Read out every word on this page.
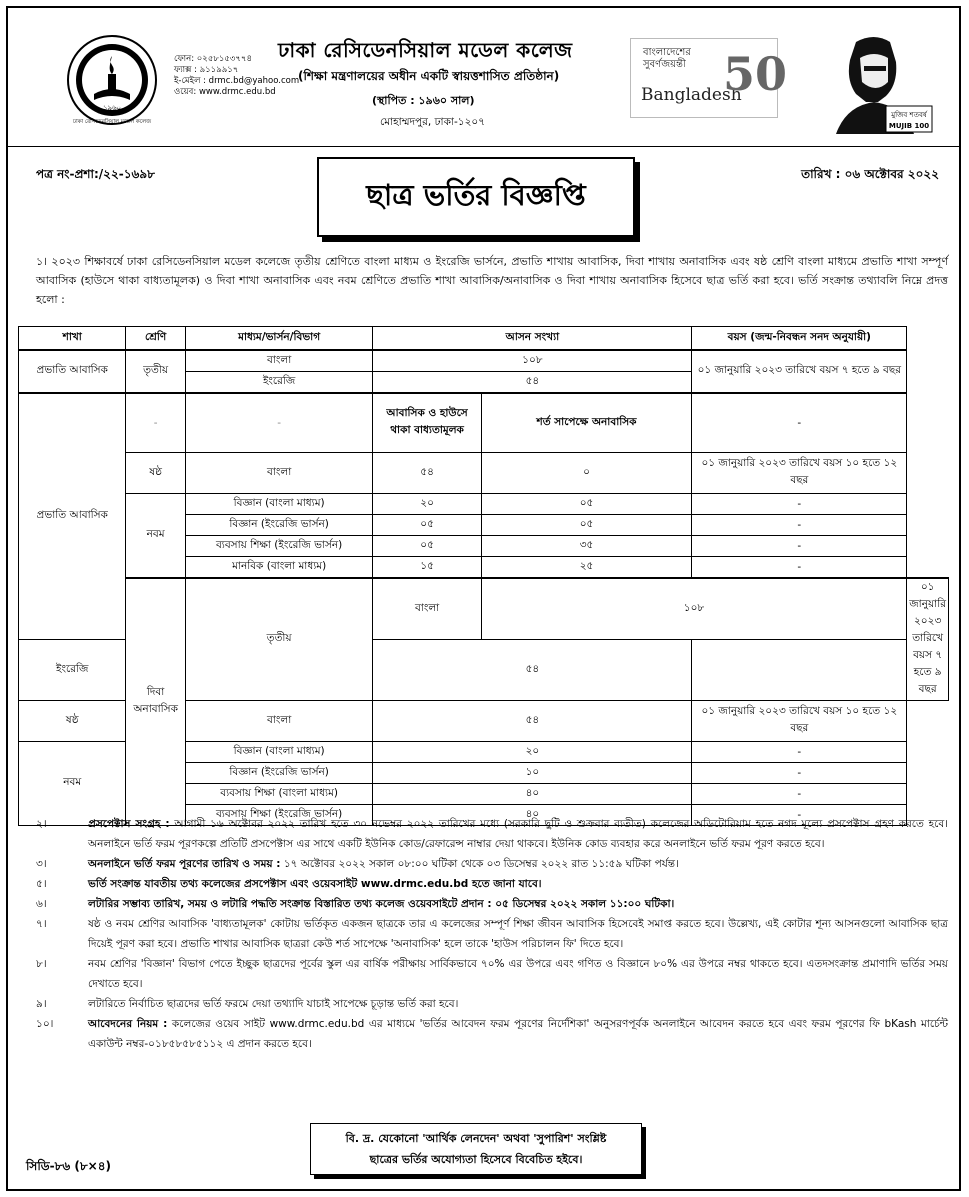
১৯৬০
ঢাকা রেসিডেনসিয়াল মডেল কলেজ
ফোন: ০২৫৮১৫৩৭৭৪
ফ্যাক্স : ৯১১৯৯১৭
ই-মেইল : drmc.bd@yahoo.com
ওয়েব: www.drmc.edu.bd
ঢাকা রেসিডেনসিয়াল মডেল কলেজ
(শিক্ষা মন্ত্রণালয়ের অধীন একটি স্বায়ত্তশাসিত প্রতিষ্ঠান)
(স্থাপিত : ১৯৬০ সাল)
মোহাম্মদপুর, ঢাকা-১২০৭
বাংলাদেশের সুবর্ণজয়ন্তী
Bangladesh
50
মুজিব শতবর্ষ
MUJIB 100
পত্র নং-প্রশা:/২২-১৬৯৮	তারিখ : ০৬ অক্টোবর ২০২২
ছাত্র ভর্তির বিজ্ঞপ্তি
১। ২০২৩ শিক্ষাবর্ষে ঢাকা রেসিডেনসিয়াল মডেল কলেজে তৃতীয় শ্রেণিতে বাংলা মাধ্যম ও ইংরেজি ভার্সনে, প্রভাতি শাখায় আবাসিক, দিবা শাখায় অনাবাসিক এবং ষষ্ঠ শ্রেণি বাংলা মাধ্যমে প্রভাতি শাখা সম্পূর্ণ আবাসিক (হাউসে থাকা বাধ্যতামূলক) ও দিবা শাখা অনাবাসিক এবং নবম শ্রেণিতে প্রভাতি শাখা আবাসিক/অনাবাসিক ও দিবা শাখায় অনাবাসিক হিসেবে ছাত্র ভর্তি করা হবে। ভর্তি সংক্রান্ত তথ্যাবলি নিম্নে প্রদত্ত হলো :
শাখা	শ্রেণি	মাধ্যম/ভার্সন/বিভাগ	আসন সংখ্যা		বয়স (জন্ম-নিবন্ধন সনদ অনুযায়ী)	
প্রভাতি আবাসিক	তৃতীয়	বাংলা	১০৮		০১ জানুয়ারি ২০২৩ তারিখে বয়স ৭ হতে ৯ বছর	
		ইংরেজি	৫৪			
প্রভাতি আবাসিক	-	-	আবাসিক ও হাউসে থাকা বাধ্যতামূলক	শর্ত সাপেক্ষে অনাবাসিক	-	
	ষষ্ঠ	বাংলা	৫৪	০	০১ জানুয়ারি ২০২৩ তারিখে বয়স ১০ হতে ১২ বছর	
	নবম	বিজ্ঞান (বাংলা মাধ্যম)	২০	০৫	-	
		বিজ্ঞান (ইংরেজি ভার্সন)	০৫	০৫	-	
		ব্যবসায় শিক্ষা (ইংরেজি ভার্সন)	০৫	৩৫	-	
		মানবিক (বাংলা মাধ্যম)	১৫	২৫	-	
	দিবা অনাবাসিক	তৃতীয়	বাংলা	১০৮		০১ জানুয়ারি ২০২৩ তারিখে বয়স ৭ হতে ৯ বছর
ইংরেজি			৫৪			
ষষ্ঠ		বাংলা	৫৪		০১ জানুয়ারি ২০২৩ তারিখে বয়স ১০ হতে ১২ বছর	
নবম		বিজ্ঞান (বাংলা মাধ্যম)	২০		-	
		বিজ্ঞান (ইংরেজি ভার্সন)	১০		-	
		ব্যবসায় শিক্ষা (বাংলা মাধ্যম)	৪০		-	
		ব্যবসায় শিক্ষা (ইংরেজি ভার্সন)	৪০		-	
২।	প্রসপেক্টাস সংগ্রহ : আগামী ১৬ অক্টোবর ২০২২ তারিখ হতে ৩০ নভেম্বর ২০২২ তারিখের মধ্যে (সরকারি ছুটি ও শুক্রবার ব্যতীত) কলেজের অডিটোরিয়াম হতে নগদ মূল্যে প্রসপেক্টাস গ্রহণ করতে হবে। অনলাইনে ভর্তি ফরম পূরণকল্পে প্রতিটি প্রসপেক্টাস এর সাথে একটি ইউনিক কোড/রেফারেন্স নাম্বার দেয়া থাকবে। ইউনিক কোড ব্যবহার করে অনলাইনে ভর্তি ফরম পূরণ করতে হবে।
৩।	অনলাইনে ভর্তি ফরম পূরণের তারিখ ও সময় : ১৭ অক্টোবর ২০২২ সকাল ০৮:০০ ঘটিকা থেকে ০৩ ডিসেম্বর ২০২২ রাত ১১:৫৯ ঘটিকা পর্যন্ত।
৫।	ভর্তি সংক্রান্ত যাবতীয় তথ্য কলেজের প্রসপেক্টাস এবং ওয়েবসাইট www.drmc.edu.bd হতে জানা যাবে।
৬।	লটারির সম্ভাব্য তারিখ, সময় ও লটারি পদ্ধতি সংক্রান্ত বিস্তারিত তথ্য কলেজ ওয়েবসাইটে প্রদান : ০৫ ডিসেম্বর ২০২২ সকাল ১১:০০ ঘটিকা।
৭।	ষষ্ঠ ও নবম শ্রেণির আবাসিক 'বাধ্যতামূলক' কোটায় ভর্তিকৃত একজন ছাত্রকে তার এ কলেজের সম্পূর্ণ শিক্ষা জীবন আবাসিক হিসেবেই সমাপ্ত করতে হবে। উল্লেখ্য, এই কোটার শূন্য আসনগুলো আবাসিক ছাত্র দিয়েই পূরণ করা হবে। প্রভাতি শাখার আবাসিক ছাত্ররা কেউ শর্ত সাপেক্ষে 'অনাবাসিক' হলে তাকে 'হাউস পরিচালন ফি' দিতে হবে।
৮।	নবম শ্রেণির 'বিজ্ঞান' বিভাগ পেতে ইচ্ছুক ছাত্রদের পূর্বের স্কুল এর বার্ষিক পরীক্ষায় সার্বিকভাবে ৭০% এর উপরে এবং গণিত ও বিজ্ঞানে ৮০% এর উপরে নম্বর থাকতে হবে। এতদসংক্রান্ত প্রমাণাদি ভর্তির সময় দেখাতে হবে।
৯।	লটারিতে নির্বাচিত ছাত্রদের ভর্তি ফরমে দেয়া তথ্যাদি যাচাই সাপেক্ষে চূড়ান্ত ভর্তি করা হবে।
১০।	আবেদনের নিয়ম : কলেজের ওয়েব সাইট www.drmc.edu.bd এর মাধ্যমে 'ভর্তির আবেদন ফরম পূরণের নির্দেশিকা' অনুসরণপূর্বক অনলাইনে আবেদন করতে হবে এবং ফরম পূরণের ফি bKash মার্চেন্ট একাউন্ট নম্বর-০১৮৫৮৫৮৫১১২ এ প্রদান করতে হবে।
বি. দ্র. যেকোনো 'আর্থিক লেনদেন' অথবা 'সুপারিশ' সংশ্লিষ্ট
ছাত্রের ভর্তির অযোগ্যতা হিসেবে বিবেচিত হইবে।
সিডি-৮৬ (৮×৪)
